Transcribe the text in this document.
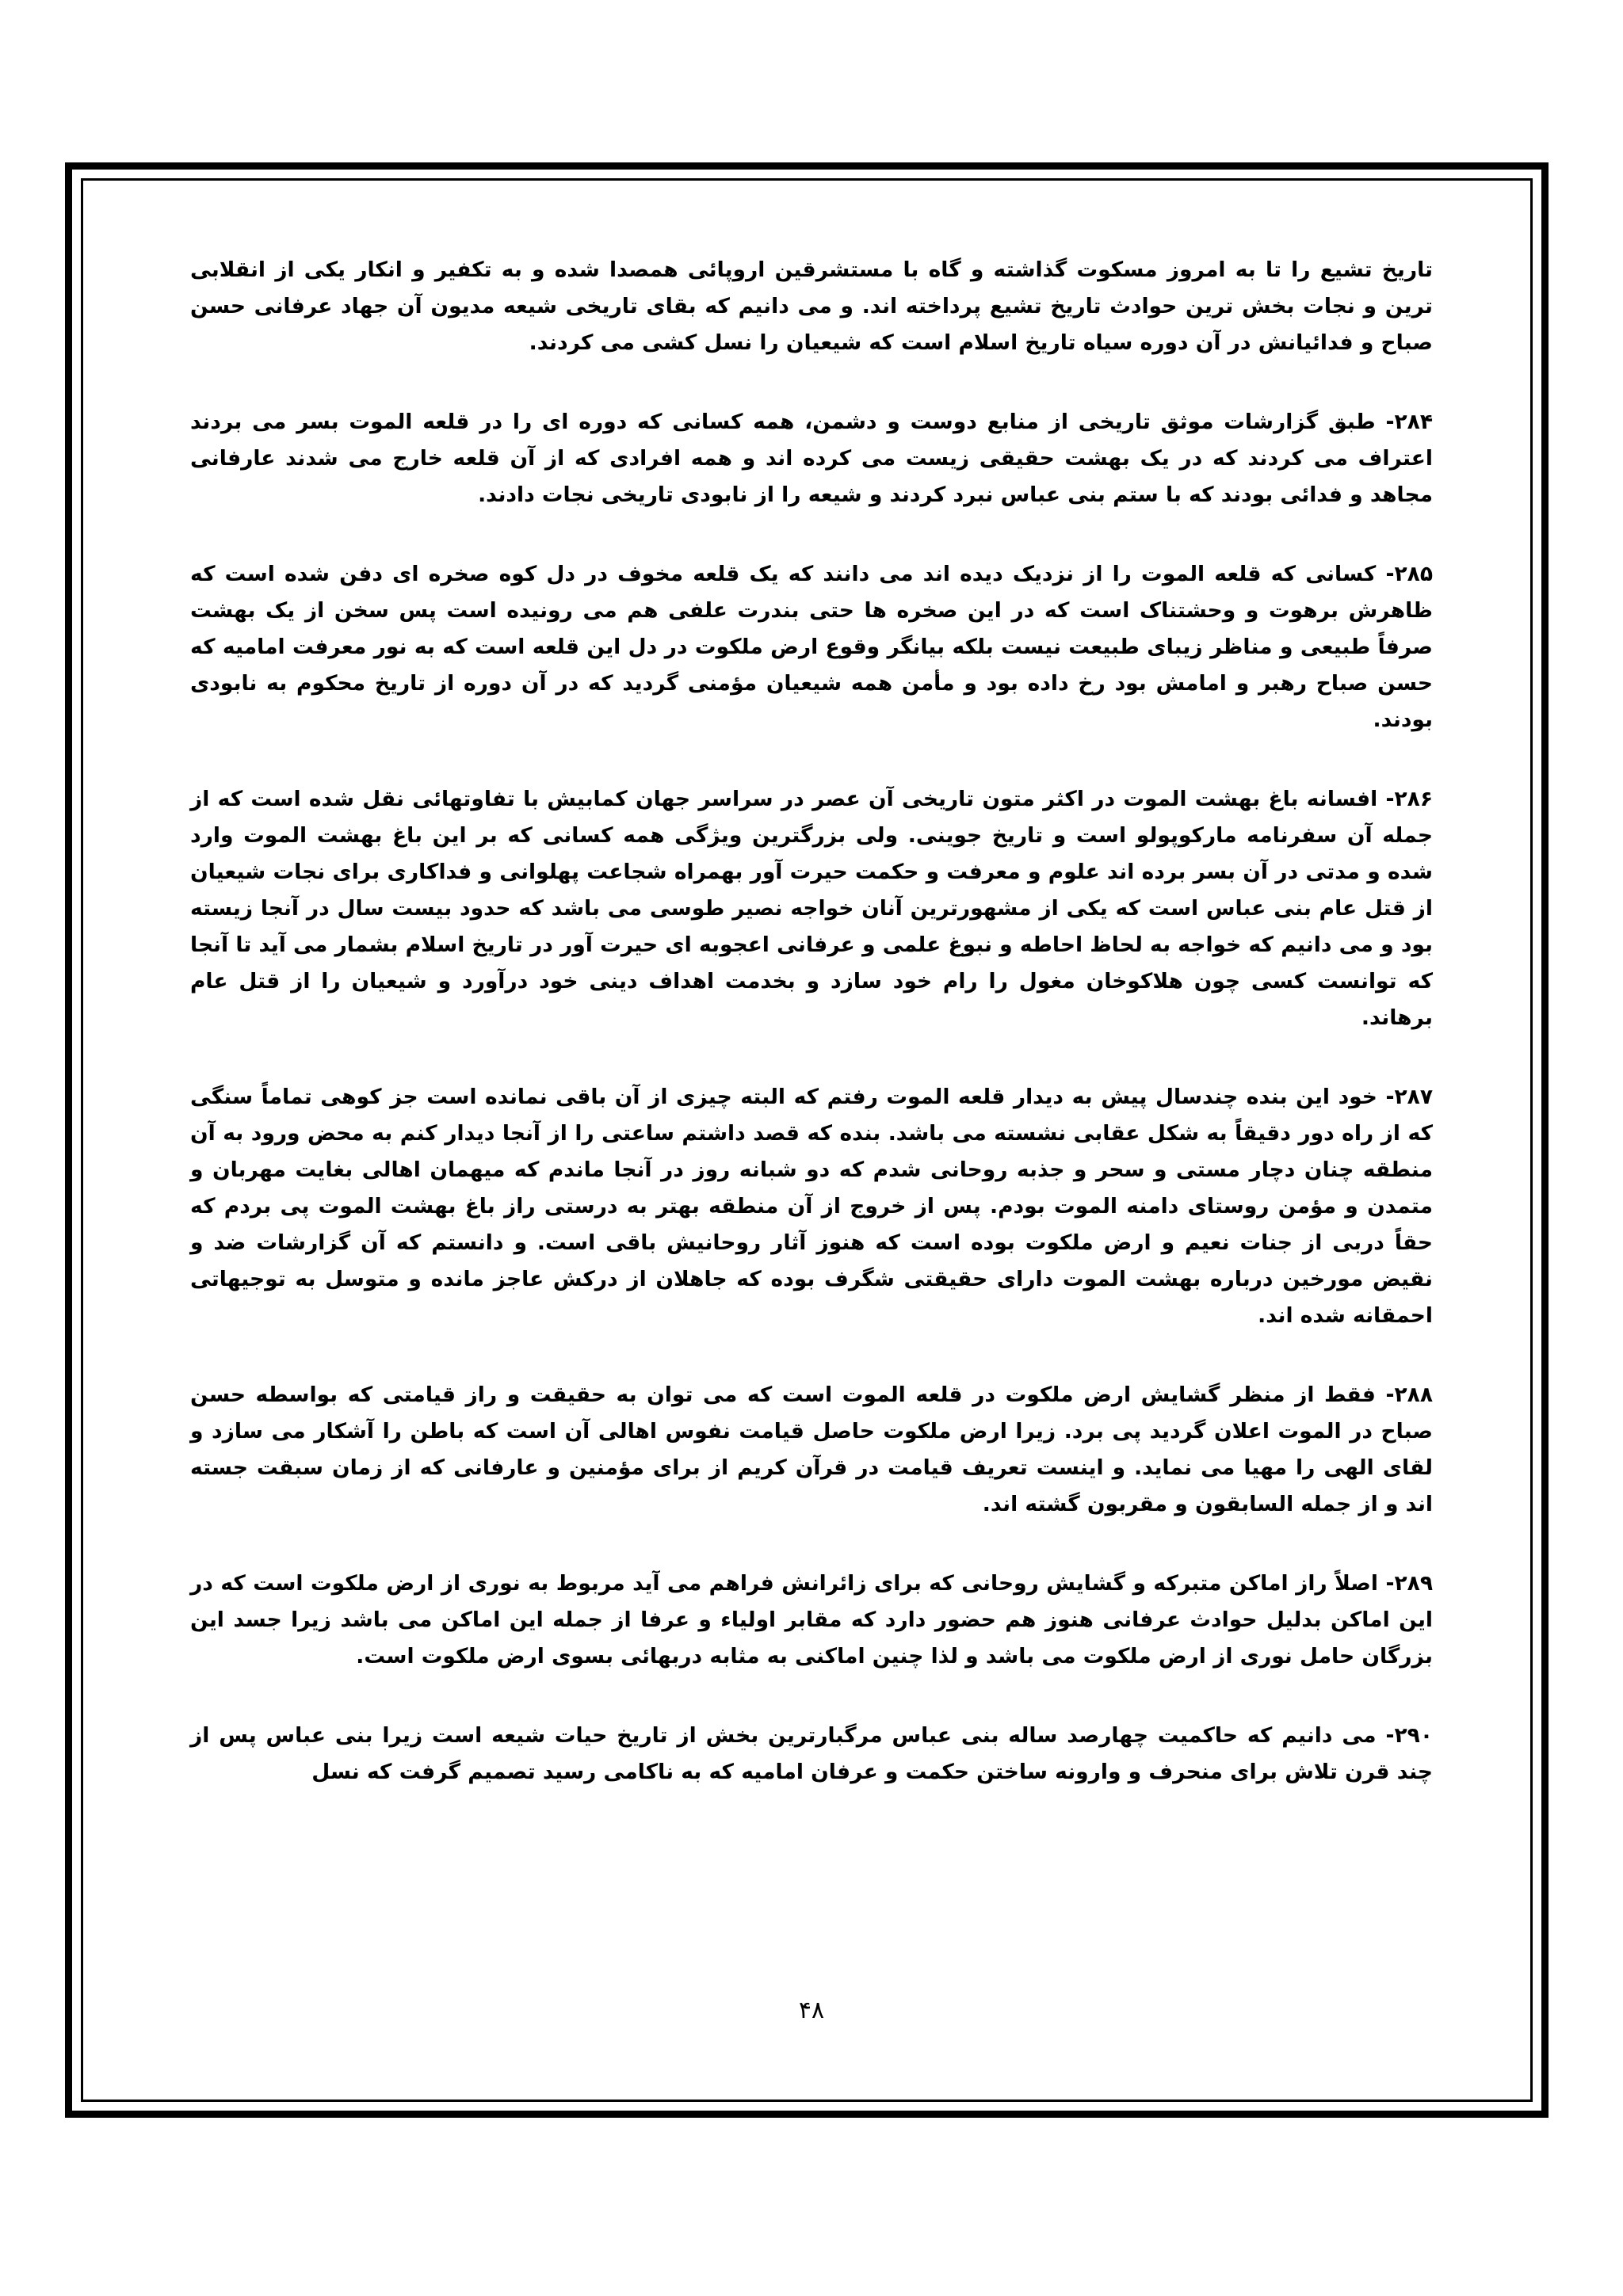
تاریخ تشیع را تا به امروز مسکوت گذاشته و گاه با مستشرقین اروپائی همصدا شده و به تکفیر و انکار یکی از انقلابی ترین و نجات بخش ترین حوادث تاریخ تشیع پرداخته اند. و می دانیم که بقای تاریخی شیعه مدیون آن جهاد عرفانی حسن صباح و فدائیانش در آن دوره سیاه تاریخ اسلام است که شیعیان را نسل کشی می کردند.

۲۸۴- طبق گزارشات موثق تاریخی از منابع دوست و دشمن، همه کسانی که دوره ای را در قلعه الموت بسر می بردند اعتراف می کردند که در یک بهشت حقیقی زیست می کرده اند و همه افرادی که از آن قلعه خارج می شدند عارفانی مجاهد و فدائی بودند که با ستم بنی عباس نبرد کردند و شیعه را از نابودی تاریخی نجات دادند.

۲۸۵- کسانی که قلعه الموت را از نزدیک دیده اند می دانند که یک قلعه مخوف در دل کوه صخره ای دفن شده است که ظاهرش برهوت و وحشتناک است که در این صخره ها حتی بندرت علفی هم می رونیده است پس سخن از یک بهشت صرفاً طبیعی و مناظر زیبای طبیعت نیست بلکه بیانگر وقوع ارض ملکوت در دل این قلعه است که به نور معرفت امامیه که حسن صباح رهبر و امامش بود رخ داده بود و مأمن همه شیعیان مؤمنی گردید که در آن دوره از تاریخ محکوم به نابودی بودند.

۲۸۶- افسانه باغ بهشت الموت در اکثر متون تاریخی آن عصر در سراسر جهان کمابیش با تفاوتهائی نقل شده است که از جمله آن سفرنامه مارکوپولو است و تاریخ جوینی. ولی بزرگترین ویژگی همه کسانی که بر این باغ بهشت الموت وارد شده و مدتی در آن بسر برده اند علوم و معرفت و حکمت حیرت آور بهمراه شجاعت پهلوانی و فداکاری برای نجات شیعیان از قتل عام بنی عباس است که یکی از مشهورترین آنان خواجه نصیر طوسی می باشد که حدود بیست سال در آنجا زیسته بود و می دانیم که خواجه به لحاظ احاطه و نبوغ علمی و عرفانی اعجوبه ای حیرت آور در تاریخ اسلام بشمار می آید تا آنجا که توانست کسی چون هلاکوخان مغول را رام خود سازد و بخدمت اهداف دینی خود درآورد و شیعیان را از قتل عام برهاند.

۲۸۷- خود این بنده چندسال پیش به دیدار قلعه الموت رفتم که البته چیزی از آن باقی نمانده است جز کوهی تماماً سنگی که از راه دور دقیقاً به شکل عقابی نشسته می باشد. بنده که قصد داشتم ساعتی را از آنجا دیدار کنم به محض ورود به آن منطقه چنان دچار مستی و سحر و جذبه روحانی شدم که دو شبانه روز در آنجا ماندم که میهمان اهالی بغایت مهربان و متمدن و مؤمن روستای دامنه الموت بودم. پس از خروج از آن منطقه بهتر به درستی راز باغ بهشت الموت پی بردم که حقاً دربی از جنات نعیم و ارض ملکوت بوده است که هنوز آثار روحانیش باقی است. و دانستم که آن گزارشات ضد و نقیض مورخین درباره بهشت الموت دارای حقیقتی شگرف بوده که جاهلان از درکش عاجز مانده و متوسل به توجیهاتی احمقانه شده اند.

۲۸۸- فقط از منظر گشایش ارض ملکوت در قلعه الموت است که می توان به حقیقت و راز قیامتی که بواسطه حسن صباح در الموت اعلان گردید پی برد. زیرا ارض ملکوت حاصل قیامت نفوس اهالی آن است که باطن را آشکار می سازد و لقای الهی را مهیا می نماید. و اینست تعریف قیامت در قرآن کریم از برای مؤمنین و عارفانی که از زمان سبقت جسته اند و از جمله السابقون و مقربون گشته اند.

۲۸۹- اصلاً راز اماکن متبرکه و گشایش روحانی که برای زائرانش فراهم می آید مربوط به نوری از ارض ملکوت است که در این اماکن بدلیل حوادث عرفانی هنوز هم حضور دارد که مقابر اولیاء و عرفا از جمله این اماکن می باشد زیرا جسد این بزرگان حامل نوری از ارض ملکوت می باشد و لذا چنین اماکنی به مثابه دربهائی بسوی ارض ملکوت است.

۲۹۰- می دانیم که حاکمیت چهارصد ساله بنی عباس مرگبارترین بخش از تاریخ حیات شیعه است زیرا بنی عباس پس از چند قرن تلاش برای منحرف و وارونه ساختن حکمت و عرفان امامیه که به ناکامی رسید تصمیم گرفت که نسل

۴۸
